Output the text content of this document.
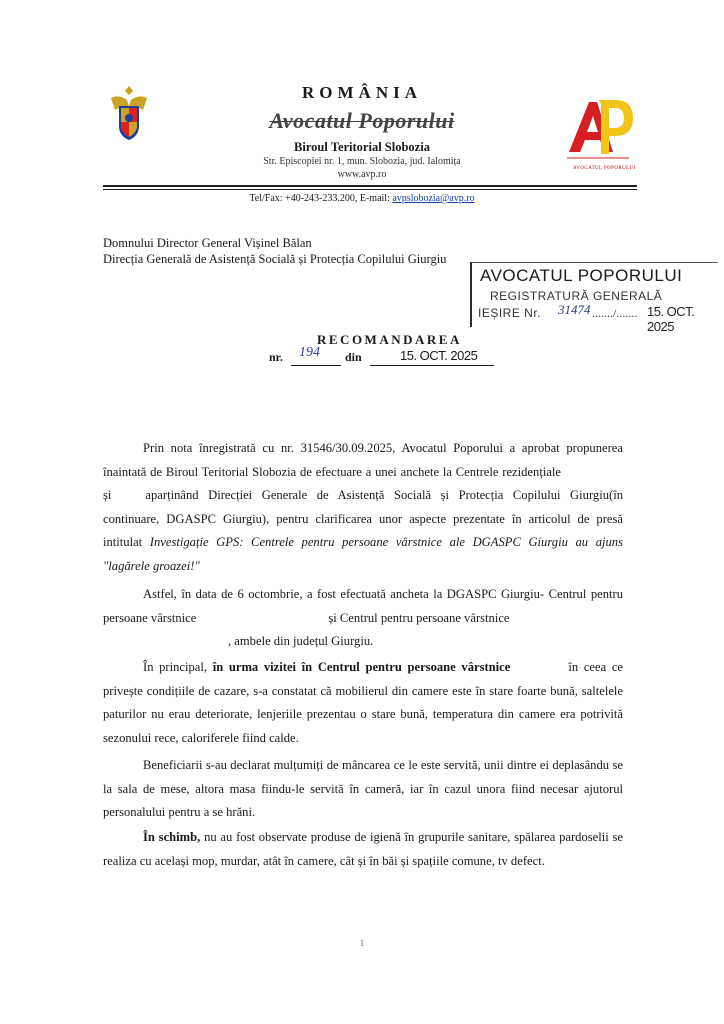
ROMÂNIA
Avocatul Poporului
Biroul Teritorial Slobozia
Str. Episcopiei nr. 1, mun. Slobozia, jud. Ialomița
www.avp.ro
AVOCATUL POPORULUI
Tel/Fax: +40-243-233.200, E-mail: avpslobozia@avp.ro
Domnului Director General Vișinel Bălan
Direcția Generală de Asistență Socială și Protecția Copilului Giurgiu
AVOCATUL POPORULUI
REGISTRATURĂ GENERALĂ
IEȘIRE Nr. 31474 ......./....... 15. OCT. 2025
RECOMANDAREA
nr. 194 din	15. OCT. 2025

Prin nota înregistrată cu nr. 31546/30.09.2025, Avocatul Poporului a aprobat propunerea înaintată de Biroul Teritorial Slobozia de efectuare a unei anchete la Centrele rezidențialeși	aparținând Direcției Generale de Asistență Socială și Protecția Copilului Giurgiu(în continuare, DGASPC Giurgiu), pentru clarificarea unor aspecte prezentate în articolul de presă intitulat Investigație GPS: Centrele pentru persoane vârstnice ale DGASPC Giurgiu au ajuns "lagărele groazei!"

Astfel, în data de 6 octombrie, a fost efectuată ancheta la DGASPC Giurgiu- Centrul pentru persoane vârstnice	și Centrul pentru persoane vârstnice
, ambele din județul Giurgiu.

În principal, în urma vizitei în Centrul pentru persoane vârstnice	în ceea ce privește condițiile de cazare, s-a constatat că mobilierul din camere este în stare foarte bună, saltelele paturilor nu erau deteriorate, lenjeriile prezentau o stare bună, temperatura din camere era potrivită sezonului rece, caloriferele fiind calde.

Beneficiarii s-au declarat mulțumiți de mâncarea ce le este servită, unii dintre ei deplasându se la sala de mese, altora masa fiindu-le servită în cameră, iar în cazul unora fiind necesar ajutorul personalului pentru a se hrăni.

În schimb, nu au fost observate produse de igienă în grupurile sanitare, spălarea pardoselii se realiza cu același mop, murdar, atât în camere, cât și în băi și spațiile comune, tv defect.

1
